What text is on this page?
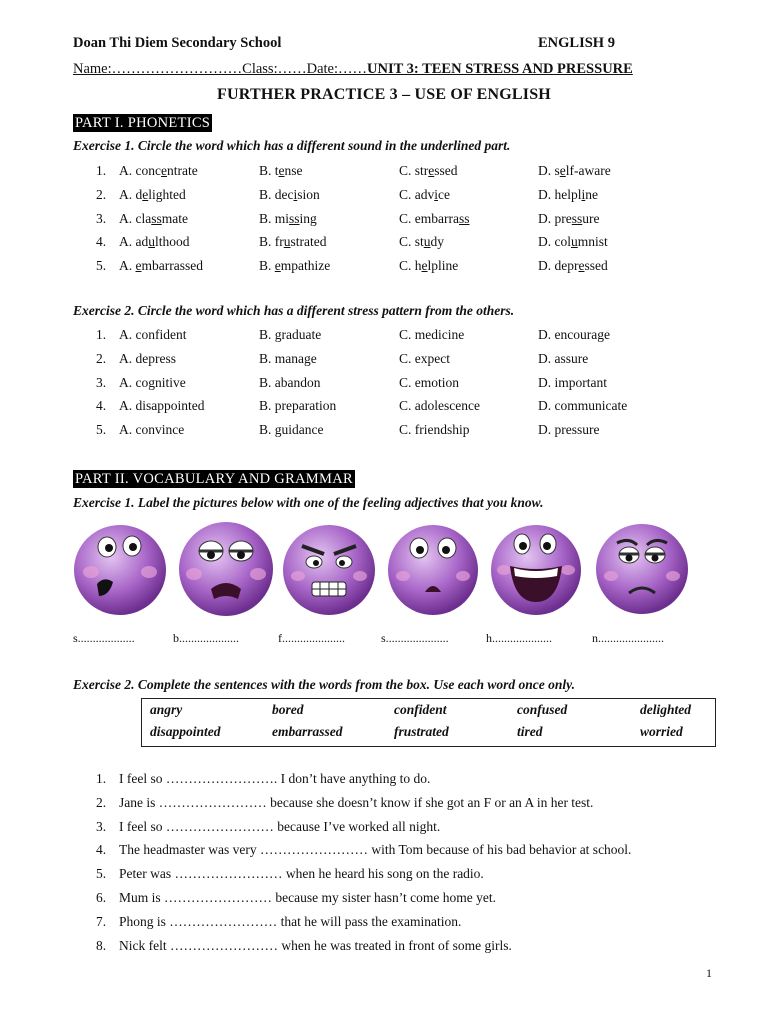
Doan Thi Diem Secondary School	ENGLISH 9
Name:………………………Class:……Date:……UNIT 3: TEEN STRESS AND PRESSURE
FURTHER PRACTICE 3 – USE OF ENGLISH
PART I. PHONETICS
Exercise 1. Circle the word which has a different sound in the underlined part.
1. A. concentrate	B. tense	C. stressed	D. self-aware
2. A. delighted	B. decision	C. advice	D. helpline
3. A. classmate	B. missing	C. embarrass	D. pressure
4. A. adulthood	B. frustrated	C. study	D. columnist
5. A. embarrassed	B. empathize	C. helpline	D. depressed
Exercise 2. Circle the word which has a different stress pattern from the others.
1. A. confident	B. graduate	C. medicine	D. encourage
2. A. depress	B. manage	C. expect	D. assure
3. A. cognitive	B. abandon	C. emotion	D. important
4. A. disappointed	B. preparation	C. adolescence	D. communicate
5. A. convince	B. guidance	C. friendship	D. pressure
PART II. VOCABULARY AND GRAMMAR
Exercise 1. Label the pictures below with one of the feeling adjectives that you know.
s...................	b....................	f.....................	s.....................	h....................	n......................
Exercise 2. Complete the sentences with the words from the box. Use each word once only.
angry	bored	confident	confused	delighted
disappointed	embarrassed	frustrated	tired	worried
1. I feel so ……………………. I don’t have anything to do.
2. Jane is …………………… because she doesn’t know if she got an F or an A in her test.
3. I feel so …………………… because I’ve worked all night.
4. The headmaster was very …………………… with Tom because of his bad behavior at school.
5. Peter was …………………… when he heard his song on the radio.
6. Mum is …………………… because my sister hasn’t come home yet.
7. Phong is …………………… that he will pass the examination.
8. Nick felt …………………… when he was treated in front of some girls.
1
